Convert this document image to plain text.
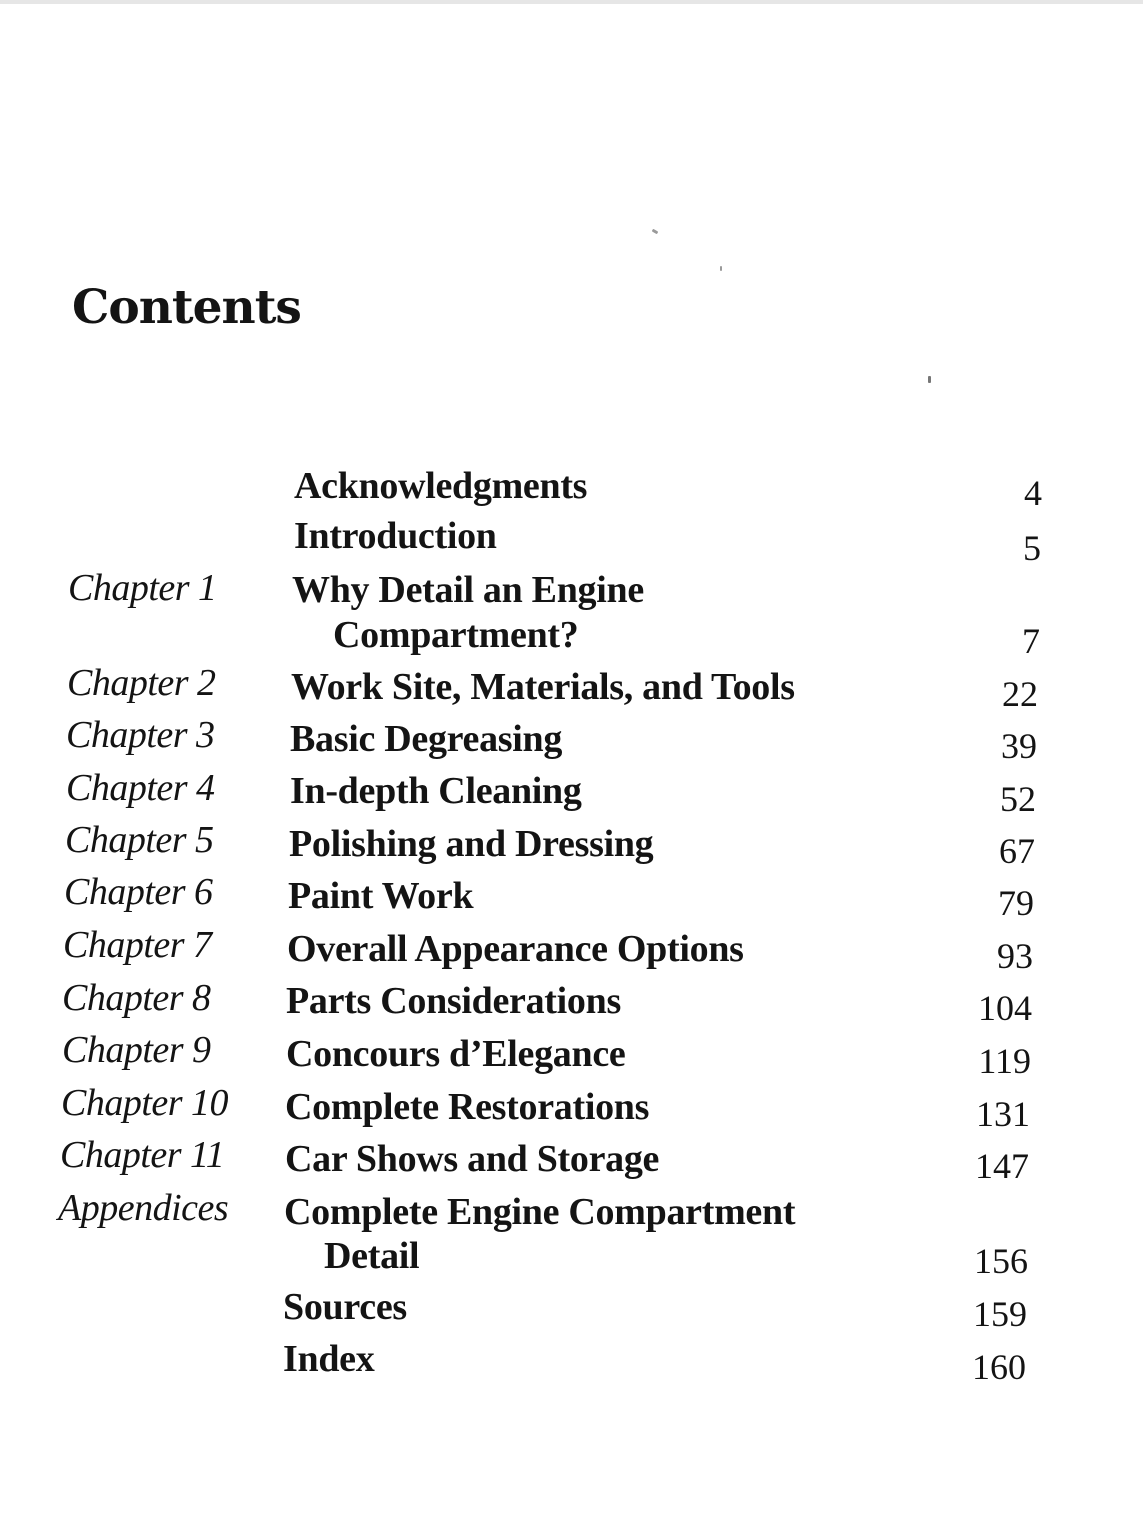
Contents
Acknowledgments	4
Introduction	5
Chapter 1 Why Detail an Engine
Compartment?	7
Chapter 2 Work Site, Materials, and Tools	22
Chapter 3 Basic Degreasing	39
Chapter 4 In-depth Cleaning	52
Chapter 5 Polishing and Dressing	67
Chapter 6 Paint Work	79
Chapter 7 Overall Appearance Options	93
Chapter 8 Parts Considerations	104
Chapter 9 Concours d’Elegance	119
Chapter 10 Complete Restorations	131
Chapter 11 Car Shows and Storage	147
Appendices Complete Engine Compartment
Detail	156
Sources	159
Index	160
